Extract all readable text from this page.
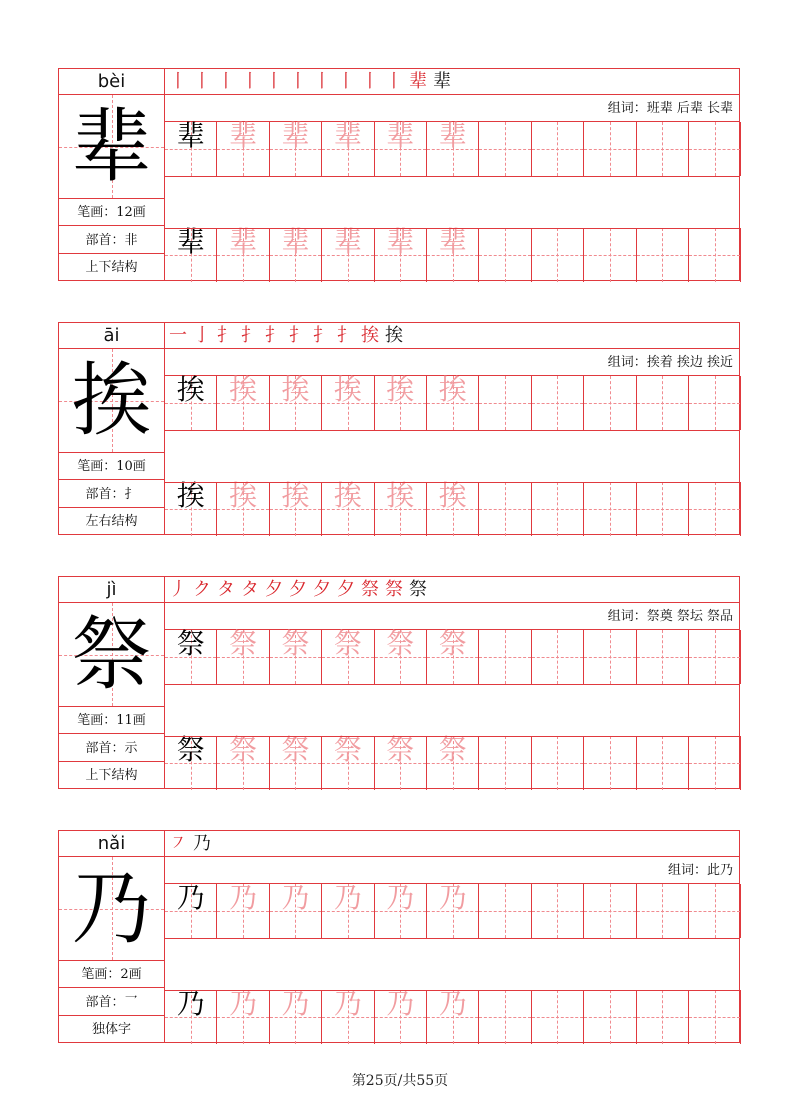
bèi
辈
笔画：12画
部首：非
上下结构
丨 丨 丨 丨 丨 丨 丨 丨 丨 丨 辈 辈
组词：班辈 后辈 长辈
辈 辈 辈 辈 辈 辈
辈 辈 辈 辈 辈 辈
āi
挨
笔画：10画
部首：扌
左右结构
一 亅 扌 扌 扌 扌 扌 扌 挨 挨
组词：挨着 挨边 挨近
挨 挨 挨 挨 挨 挨
挨 挨 挨 挨 挨 挨
jì
祭
笔画：11画
部首：示
上下结构
丿 ク タ タ 夕 夕 夕 夕 祭 祭 祭
组词：祭奠 祭坛 祭品
祭 祭 祭 祭 祭 祭
祭 祭 祭 祭 祭 祭
nǎi
乃
笔画：2画
部首：乛
独体字
㇇ 乃
组词：此乃
乃 乃 乃 乃 乃 乃
乃 乃 乃 乃 乃 乃
第25页/共55页
